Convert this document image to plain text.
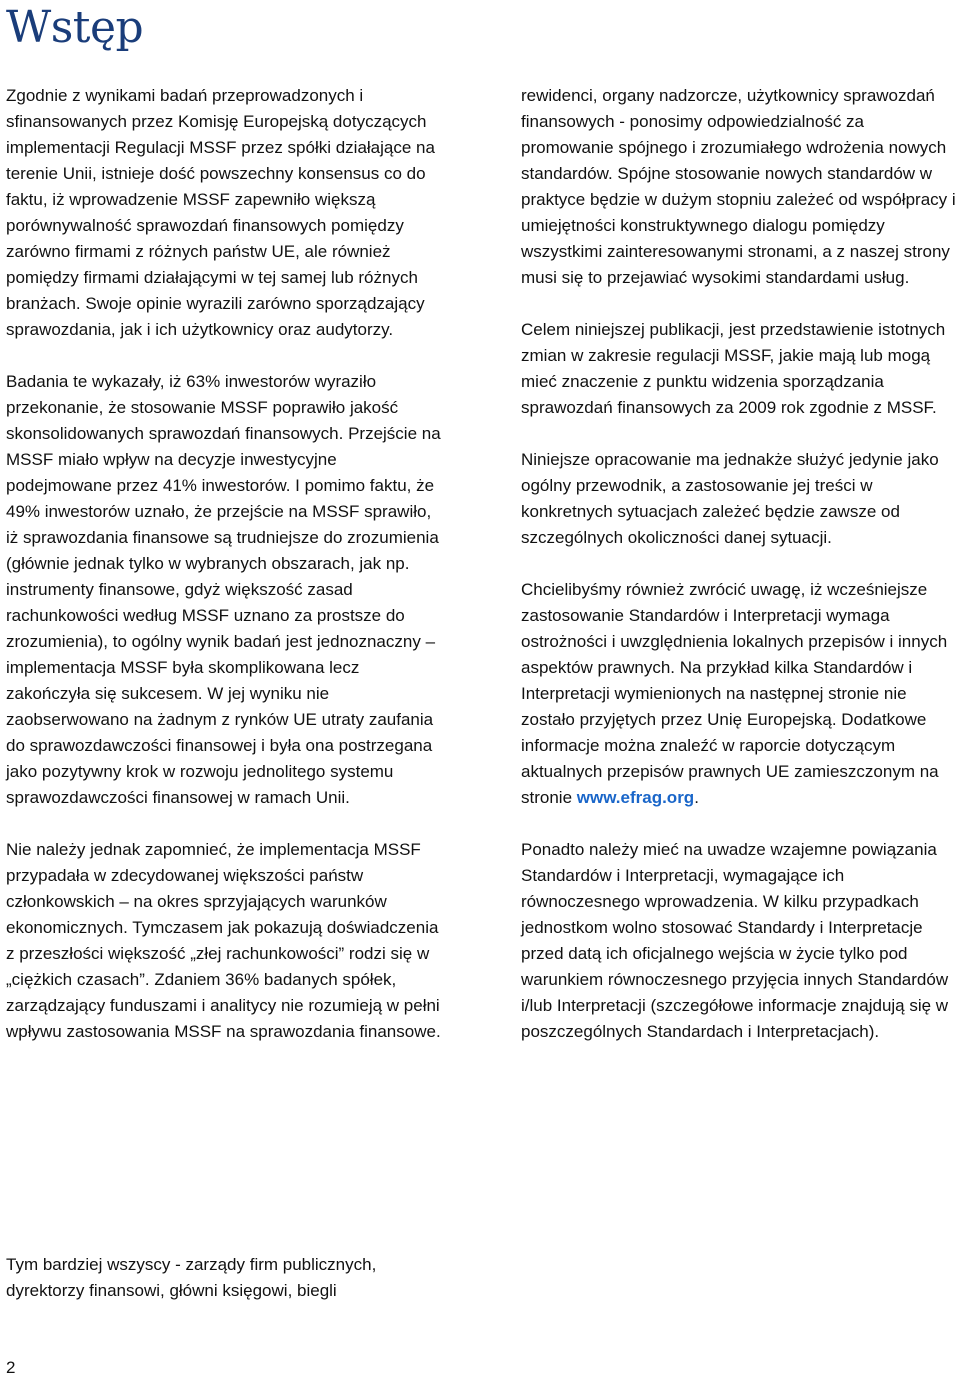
Wstęp

Zgodnie z wynikami badań przeprowadzonych i sfinansowanych przez Komisję Europejską dotyczących implementacji Regulacji MSSF przez spółki działające na terenie Unii, istnieje dość powszechny konsensus co do faktu, iż wprowadzenie MSSF zapewniło większą porównywalność sprawozdań finansowych pomiędzy zarówno firmami z różnych państw UE, ale również pomiędzy firmami działającymi w tej samej lub różnych branżach. Swoje opinie wyrazili zarówno sporządzający sprawozdania, jak i ich użytkownicy oraz audytorzy.

Badania te wykazały, iż 63% inwestorów wyraziło przekonanie, że stosowanie MSSF poprawiło jakość skonsolidowanych sprawozdań finansowych. Przejście na MSSF miało wpływ na decyzje inwestycyjne podejmowane przez 41% inwestorów. I pomimo faktu, że 49% inwestorów uznało, że przejście na MSSF sprawiło, iż sprawozdania finansowe są trudniejsze do zrozumienia (głównie jednak tylko w wybranych obszarach, jak np. instrumenty finansowe, gdyż większość zasad rachunkowości według MSSF uznano za prostsze do zrozumienia), to ogólny wynik badań jest jednoznaczny – implementacja MSSF była skomplikowana lecz zakończyła się sukcesem. W jej wyniku nie zaobserwowano na żadnym z rynków UE utraty zaufania do sprawozdawczości finansowej i była ona postrzegana jako pozytywny krok w rozwoju jednolitego systemu sprawozdawczości finansowej w ramach Unii.

Nie należy jednak zapomnieć, że implementacja MSSF przypadała w zdecydowanej większości państw członkowskich – na okres sprzyjających warunków ekonomicznych. Tymczasem jak pokazują doświadczenia z przeszłości większość „złej rachunkowości” rodzi się w „ciężkich czasach”. Zdaniem 36% badanych spółek, zarządzający funduszami i analitycy nie rozumieją w pełni wpływu zastosowania MSSF na sprawozdania finansowe.

Tym bardziej wszyscy - zarządy firm publicznych, dyrektorzy finansowi, główni księgowi, biegli

rewidenci, organy nadzorcze, użytkownicy sprawozdań finansowych - ponosimy odpowiedzialność za promowanie spójnego i zrozumiałego wdrożenia nowych standardów. Spójne stosowanie nowych standardów w praktyce będzie w dużym stopniu zależeć od współpracy i umiejętności konstruktywnego dialogu pomiędzy wszystkimi zainteresowanymi stronami, a z naszej strony musi się to przejawiać wysokimi standardami usług.

Celem niniejszej publikacji, jest przedstawienie istotnych zmian w zakresie regulacji MSSF, jakie mają lub mogą mieć znaczenie z punktu widzenia sporządzania sprawozdań finansowych za 2009 rok zgodnie z MSSF.

Niniejsze opracowanie ma jednakże służyć jedynie jako ogólny przewodnik, a zastosowanie jej treści w konkretnych sytuacjach zależeć będzie zawsze od szczególnych okoliczności danej sytuacji.

Chcielibyśmy również zwrócić uwagę, iż wcześniejsze zastosowanie Standardów i Interpretacji wymaga ostrożności i uwzględnienia lokalnych przepisów i innych aspektów prawnych. Na przykład kilka Standardów i Interpretacji wymienionych na następnej stronie nie zostało przyjętych przez Unię Europejską. Dodatkowe informacje można znaleźć w raporcie dotyczącym aktualnych przepisów prawnych UE zamieszczonym na stronie www.efrag.org.

Ponadto należy mieć na uwadze wzajemne powiązania Standardów i Interpretacji, wymagające ich równoczesnego wprowadzenia. W kilku przypadkach jednostkom wolno stosować Standardy i Interpretacje przed datą ich oficjalnego wejścia w życie tylko pod warunkiem równoczesnego przyjęcia innych Standardów i/lub Interpretacji (szczegółowe informacje znajdują się w poszczególnych Standardach i Interpretacjach).

2
